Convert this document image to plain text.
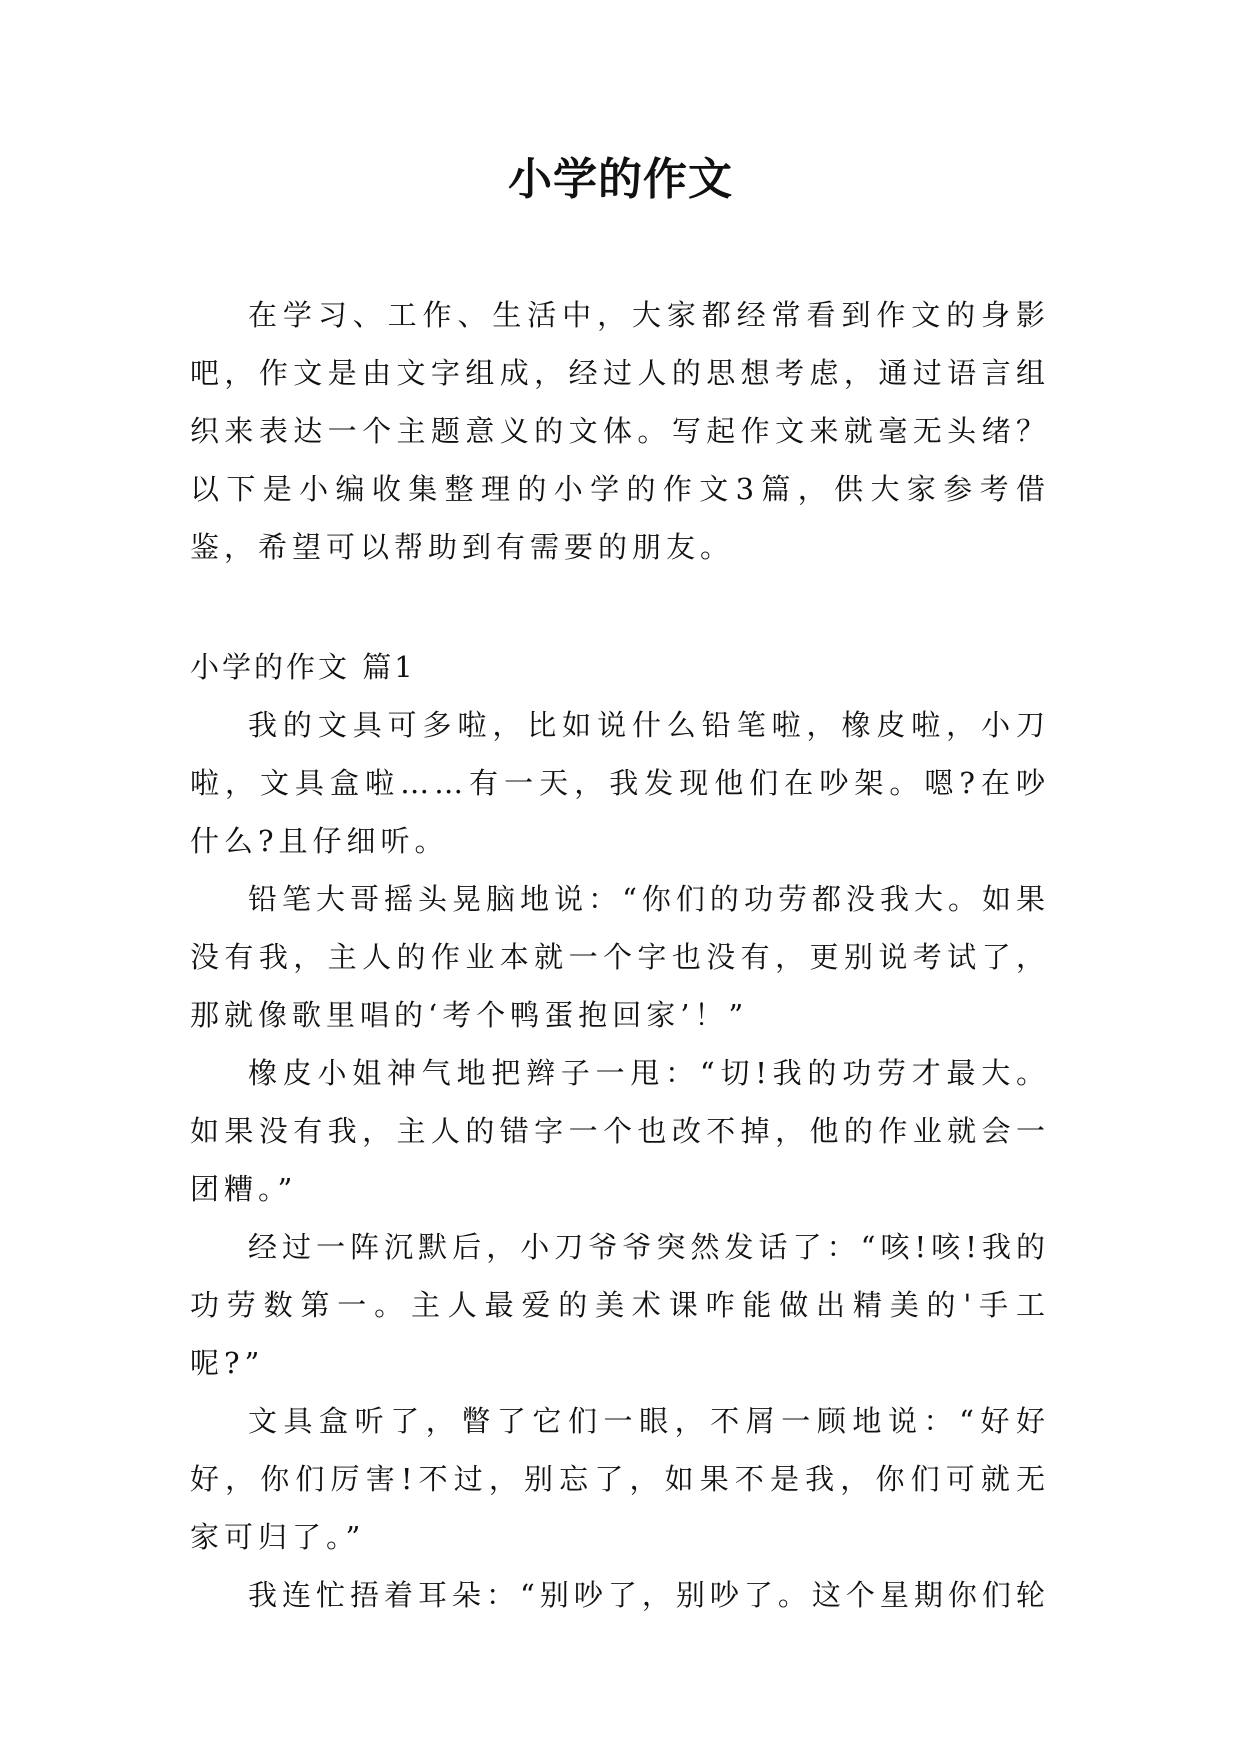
小学的作文

在学习、工作、生活中，大家都经常看到作文的身影吧，作文是由文字组成，经过人的思想考虑，通过语言组织来表达一个主题意义的文体。写起作文来就毫无头绪？以下是小编收集整理的小学的作文3篇，供大家参考借鉴，希望可以帮助到有需要的朋友。

小学的作文 篇1

我的文具可多啦，比如说什么铅笔啦，橡皮啦，小刀啦，文具盒啦……有一天，我发现他们在吵架。嗯?在吵什么?且仔细听。

铅笔大哥摇头晃脑地说：“你们的功劳都没我大。如果没有我，主人的作业本就一个字也没有，更别说考试了，那就像歌里唱的‘考个鸭蛋抱回家’！”

橡皮小姐神气地把辫子一甩：“切!我的功劳才最大。如果没有我，主人的错字一个也改不掉，他的作业就会一团糟。”

经过一阵沉默后，小刀爷爷突然发话了：“咳!咳!我的功劳数第一。主人最爱的美术课咋能做出精美的'手工呢?”

文具盒听了，瞥了它们一眼，不屑一顾地说：“好好好，你们厉害!不过，别忘了，如果不是我，你们可就无家可归了。”

我连忙捂着耳朵：“别吵了，别吵了。这个星期你们轮
